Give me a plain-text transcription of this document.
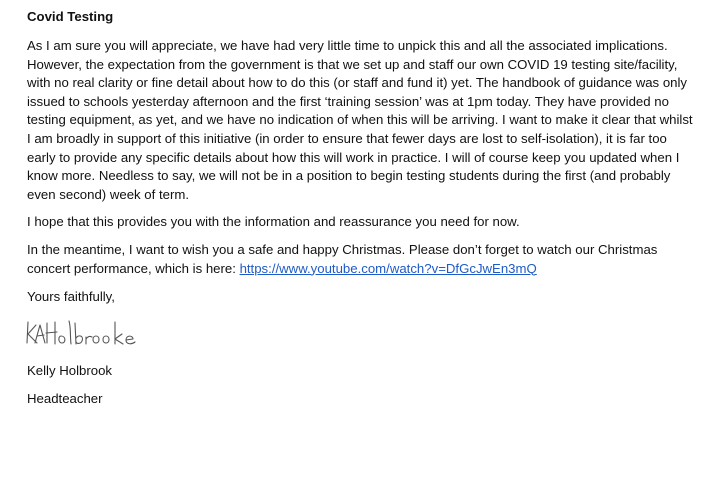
Covid Testing

As I am sure you will appreciate, we have had very little time to unpick this and all the associated implications. However, the expectation from the government is that we set up and staff our own COVID 19 testing site/facility, with no real clarity or fine detail about how to do this (or staff and fund it) yet. The handbook of guidance was only issued to schools yesterday afternoon and the first ‘training session’ was at 1pm today. They have provided no testing equipment, as yet, and we have no indication of when this will be arriving. I want to make it clear that whilst I am broadly in support of this initiative (in order to ensure that fewer days are lost to self-isolation), it is far too early to provide any specific details about how this will work in practice. I will of course keep you updated when I know more. Needless to say, we will not be in a position to begin testing students during the first (and probably even second) week of term.

I hope that this provides you with the information and reassurance you need for now.

In the meantime, I want to wish you a safe and happy Christmas. Please don’t forget to watch our Christmas concert performance, which is here: https://www.youtube.com/watch?v=DfGcJwEn3mQ

Yours faithfully,

Kelly Holbrook

Headteacher
